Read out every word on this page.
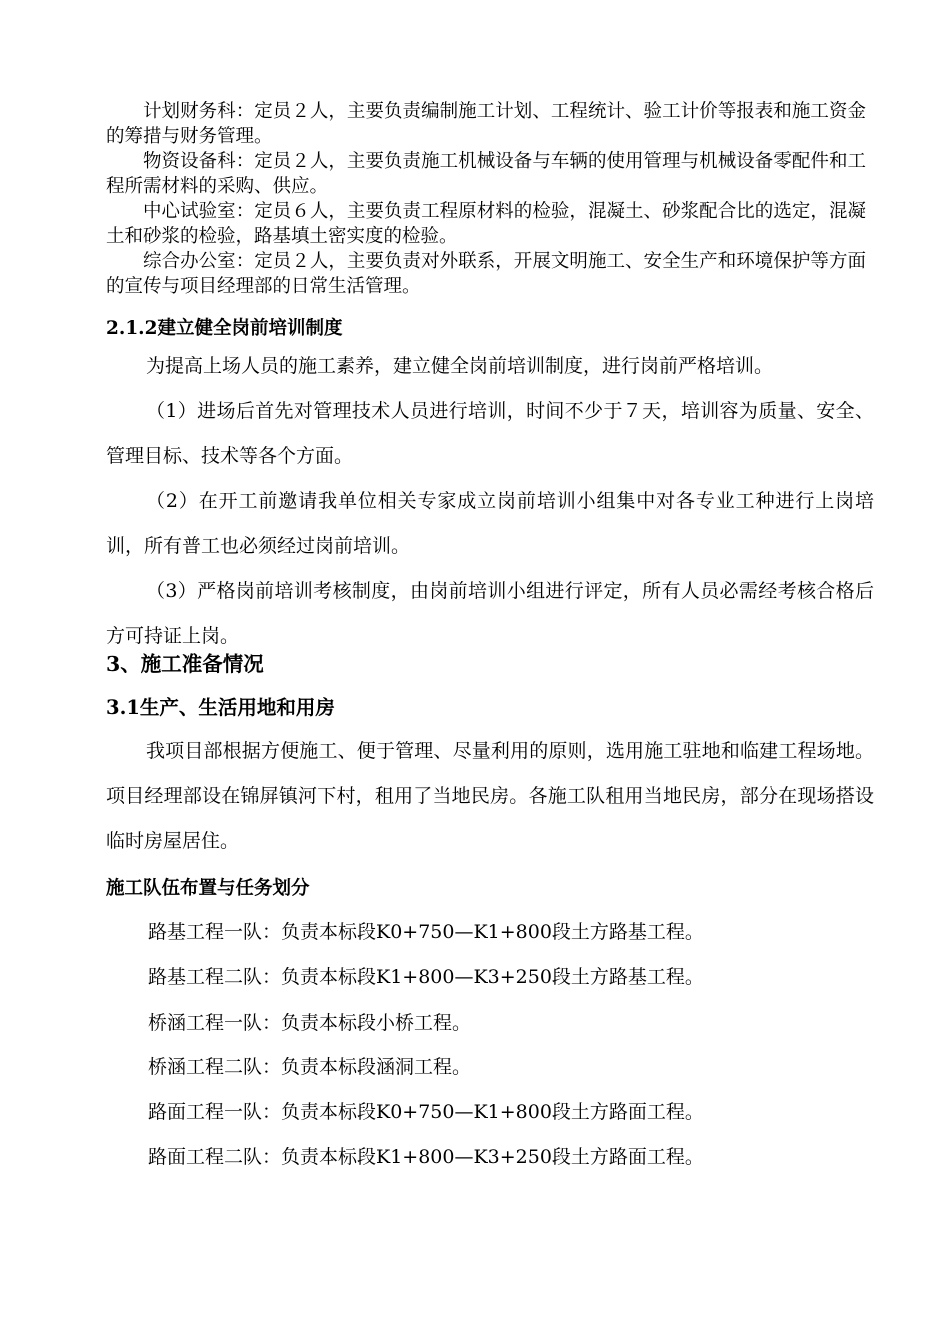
计划财务科：定员２人，主要负责编制施工计划、工程统计、验工计价等报表和施工资金的筹措与财务管理。
物资设备科：定员２人，主要负责施工机械设备与车辆的使用管理与机械设备零配件和工程所需材料的采购、供应。
中心试验室：定员６人，主要负责工程原材料的检验，混凝土、砂浆配合比的选定，混凝土和砂浆的检验，路基填土密实度的检验。
综合办公室：定员２人，主要负责对外联系，开展文明施工、安全生产和环境保护等方面的宣传与项目经理部的日常生活管理。
2.1.2建立健全岗前培训制度
为提高上场人员的施工素养，建立健全岗前培训制度，进行岗前严格培训。
（1）进场后首先对管理技术人员进行培训，时间不少于７天，培训容为质量、安全、管理目标、技术等各个方面。
（2）在开工前邀请我单位相关专家成立岗前培训小组集中对各专业工种进行上岗培训，所有普工也必须经过岗前培训。
（3）严格岗前培训考核制度，由岗前培训小组进行评定，所有人员必需经考核合格后方可持证上岗。
3、施工准备情况
3.1生产、生活用地和用房
我项目部根据方便施工、便于管理、尽量利用的原则，选用施工驻地和临建工程场地。项目经理部设在锦屏镇河下村，租用了当地民房。各施工队租用当地民房，部分在现场搭设临时房屋居住。
施工队伍布置与任务划分
路基工程一队：负责本标段K0+750—K1+800段土方路基工程。
路基工程二队：负责本标段K1+800—K3+250段土方路基工程。
桥涵工程一队：负责本标段小桥工程。
桥涵工程二队：负责本标段涵洞工程。
路面工程一队：负责本标段K0+750—K1+800段土方路面工程。
路面工程二队：负责本标段K1+800—K3+250段土方路面工程。
